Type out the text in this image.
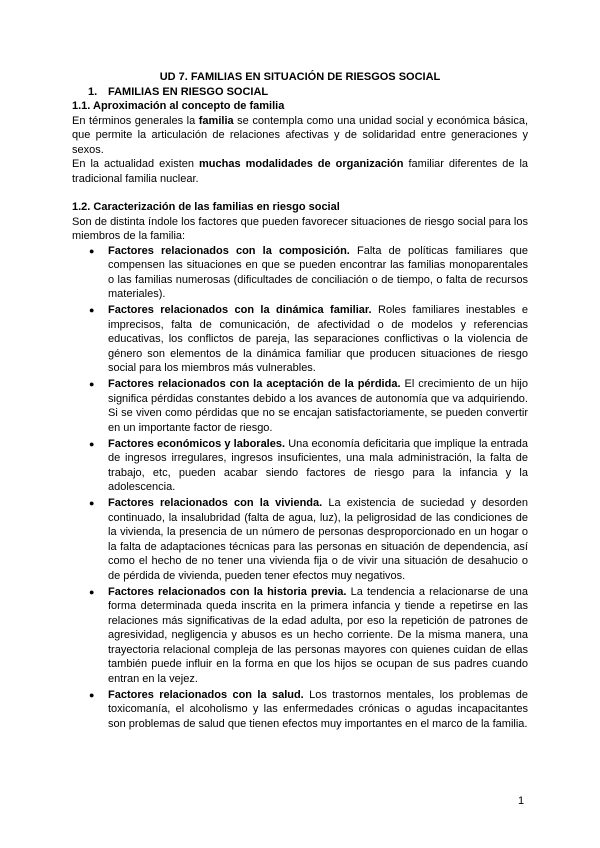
UD 7. FAMILIAS EN SITUACIÓN DE RIESGOS SOCIAL

1. FAMILIAS EN RIESGO SOCIAL
1.1. Aproximación al concepto de familia

En términos generales la familia se contempla como una unidad social y económica básica, que permite la articulación de relaciones afectivas y de solidaridad entre generaciones y sexos.

En la actualidad existen muchas modalidades de organización familiar diferentes de la tradicional familia nuclear.

1.2. Caracterización de las familias en riesgo social

Son de distinta índole los factores que pueden favorecer situaciones de riesgo social para los miembros de la familia:

● Factores relacionados con la composición. Falta de políticas familiares que compensen las situaciones en que se pueden encontrar las familias monoparentales o las familias numerosas (dificultades de conciliación o de tiempo, o falta de recursos materiales).
● Factores relacionados con la dinámica familiar. Roles familiares inestables e imprecisos, falta de comunicación, de afectividad o de modelos y referencias educativas, los conflictos de pareja, las separaciones conflictivas o la violencia de género son elementos de la dinámica familiar que producen situaciones de riesgo social para los miembros más vulnerables.
● Factores relacionados con la aceptación de la pérdida. El crecimiento de un hijo significa pérdidas constantes debido a los avances de autonomía que va adquiriendo. Si se viven como pérdidas que no se encajan satisfactoriamente, se pueden convertir en un importante factor de riesgo.
● Factores económicos y laborales. Una economía deficitaria que implique la entrada de ingresos irregulares, ingresos insuficientes, una mala administración, la falta de trabajo, etc, pueden acabar siendo factores de riesgo para la infancia y la adolescencia.
● Factores relacionados con la vivienda. La existencia de suciedad y desorden continuado, la insalubridad (falta de agua, luz), la peligrosidad de las condiciones de la vivienda, la presencia de un número de personas desproporcionado en un hogar o la falta de adaptaciones técnicas para las personas en situación de dependencia, así como el hecho de no tener una vivienda fija o de vivir una situación de desahucio o de pérdida de vivienda, pueden tener efectos muy negativos.
● Factores relacionados con la historia previa. La tendencia a relacionarse de una forma determinada queda inscrita en la primera infancia y tiende a repetirse en las relaciones más significativas de la edad adulta, por eso la repetición de patrones de agresividad, negligencia y abusos es un hecho corriente. De la misma manera, una trayectoria relacional compleja de las personas mayores con quienes cuidan de ellas también puede influir en la forma en que los hijos se ocupan de sus padres cuando entran en la vejez.
● Factores relacionados con la salud. Los trastornos mentales, los problemas de toxicomanía, el alcoholismo y las enfermedades crónicas o agudas incapacitantes son problemas de salud que tienen efectos muy importantes en el marco de la familia.
1
